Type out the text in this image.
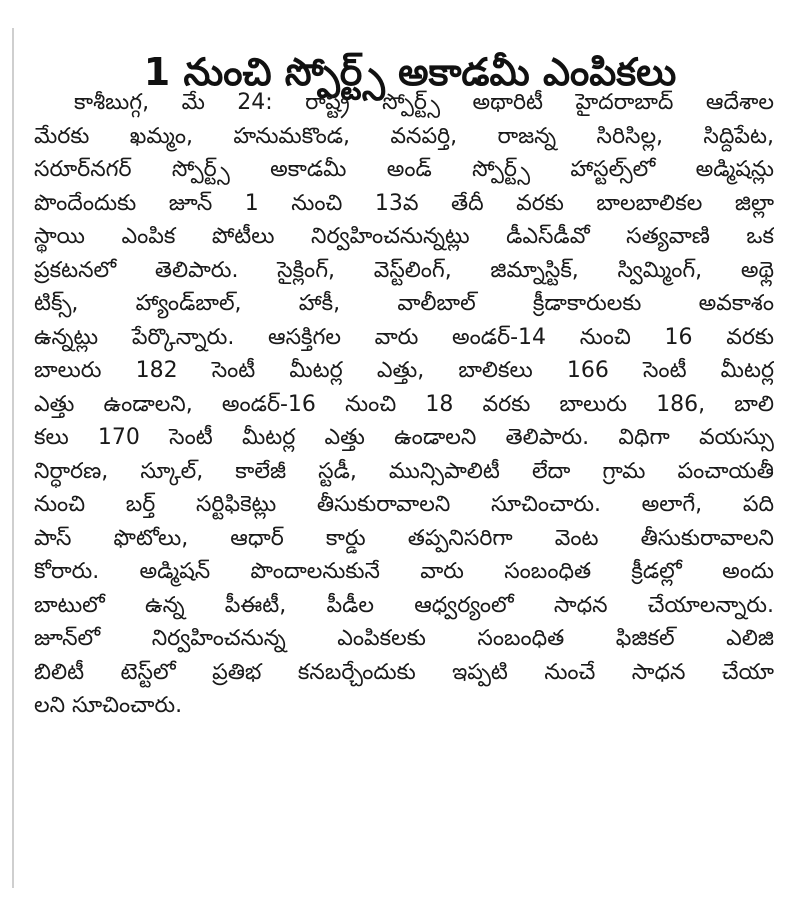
1 నుంచి స్పోర్ట్స్ అకాడమీ ఎంపికలు
కాశీబుగ్గ, మే 24: రాష్ట్ర స్పోర్ట్స్ అథారిటీ హైదరాబాద్ ఆదేశాల
మేరకు ఖమ్మం, హనుమకొండ, వనపర్తి, రాజన్న సిరిసిల్ల, సిద్దిపేట,
సరూర్‌నగర్ స్పోర్ట్స్ అకాడమీ అండ్ స్పోర్ట్స్ హాస్టల్స్‌లో అడ్మిషన్లు
పొందేందుకు జూన్ 1 నుంచి 13వ తేదీ వరకు బాలబాలికల జిల్లా
స్థాయి ఎంపిక పోటీలు నిర్వహించనున్నట్లు డీఎస్‌డీవో సత్యవాణి ఒక
ప్రకటనలో తెలిపారు. సైక్లింగ్, వెస్ట్‌లింగ్, జిమ్నాస్టిక్, స్విమ్మింగ్, అథ్లె
టిక్స్, హ్యాండ్‌బాల్, హాకీ, వాలీబాల్ క్రీడాకారులకు అవకాశం
ఉన్నట్లు పేర్కొన్నారు. ఆసక్తిగల వారు అండర్-14 నుంచి 16 వరకు
బాలురు 182 సెంటీ మీటర్ల ఎత్తు, బాలికలు 166 సెంటీ మీటర్ల
ఎత్తు ఉండాలని, అండర్-16 నుంచి 18 వరకు బాలురు 186, బాలి
కలు 170 సెంటీ మీటర్ల ఎత్తు ఉండాలని తెలిపారు. విధిగా వయస్సు
నిర్ధారణ, స్కూల్, కాలేజీ స్టడీ, మున్సిపాలిటీ లేదా గ్రామ పంచాయతీ
నుంచి బర్త్ సర్టిఫికెట్లు తీసుకురావాలని సూచించారు. అలాగే, పది
పాస్ ఫొటోలు, ఆధార్ కార్డు తప్పనిసరిగా వెంట తీసుకురావాలని
కోరారు. అడ్మిషన్ పొందాలనుకునే వారు సంబంధిత క్రీడల్లో అందు
బాటులో ఉన్న పీఈటీ, పీడీల ఆధ్వర్యంలో సాధన చేయాలన్నారు.
జూన్‌లో నిర్వహించనున్న ఎంపికలకు సంబంధిత ఫిజికల్ ఎలిజి
బిలిటీ టెస్ట్‌లో ప్రతిభ కనబర్చేందుకు ఇప్పటి నుంచే సాధన చేయా
లని సూచించారు.
